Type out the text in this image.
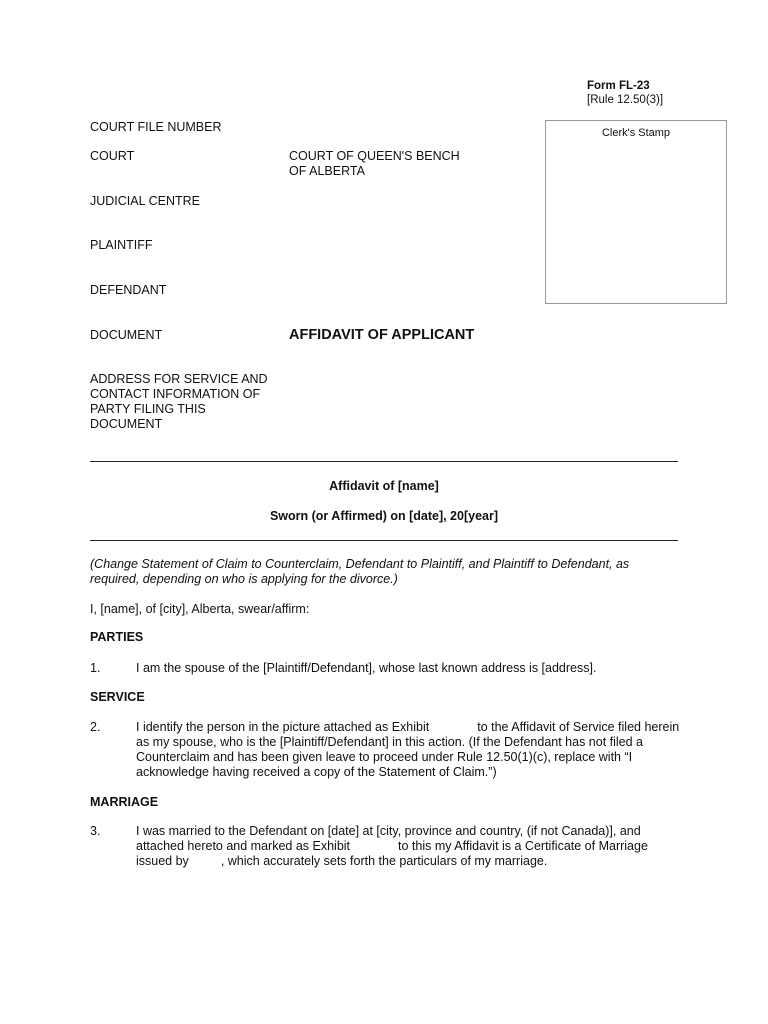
Form FL-23
[Rule 12.50(3)]
Clerk's Stamp
COURT FILE NUMBER
COURT	COURT OF QUEEN'S BENCH
OF ALBERTA
JUDICIAL CENTRE
PLAINTIFF
DEFENDANT
DOCUMENT	AFFIDAVIT OF APPLICANT
ADDRESS FOR SERVICE AND
CONTACT INFORMATION OF
PARTY FILING THIS
DOCUMENT
Affidavit of [name]
Sworn (or Affirmed) on [date], 20[year]
(Change Statement of Claim to Counterclaim, Defendant to Plaintiff, and Plaintiff to Defendant, as
required, depending on who is applying for the divorce.)
I, [name], of [city], Alberta, swear/affirm:
PARTIES
1.	I am the spouse of the [Plaintiff/Defendant], whose last known address is [address].
SERVICE
2.	I identify the person in the picture attached as Exhibit	to the Affidavit of Service filed herein
as my spouse, who is the [Plaintiff/Defendant] in this action. (If the Defendant has not filed a
Counterclaim and has been given leave to proceed under Rule 12.50(1)(c), replace with “I
acknowledge having received a copy of the Statement of Claim.”)
MARRIAGE
3.	I was married to the Defendant on [date] at [city, province and country, (if not Canada)], and
attached hereto and marked as Exhibit	to this my Affidavit is a Certificate of Marriage
issued by	, which accurately sets forth the particulars of my marriage.
